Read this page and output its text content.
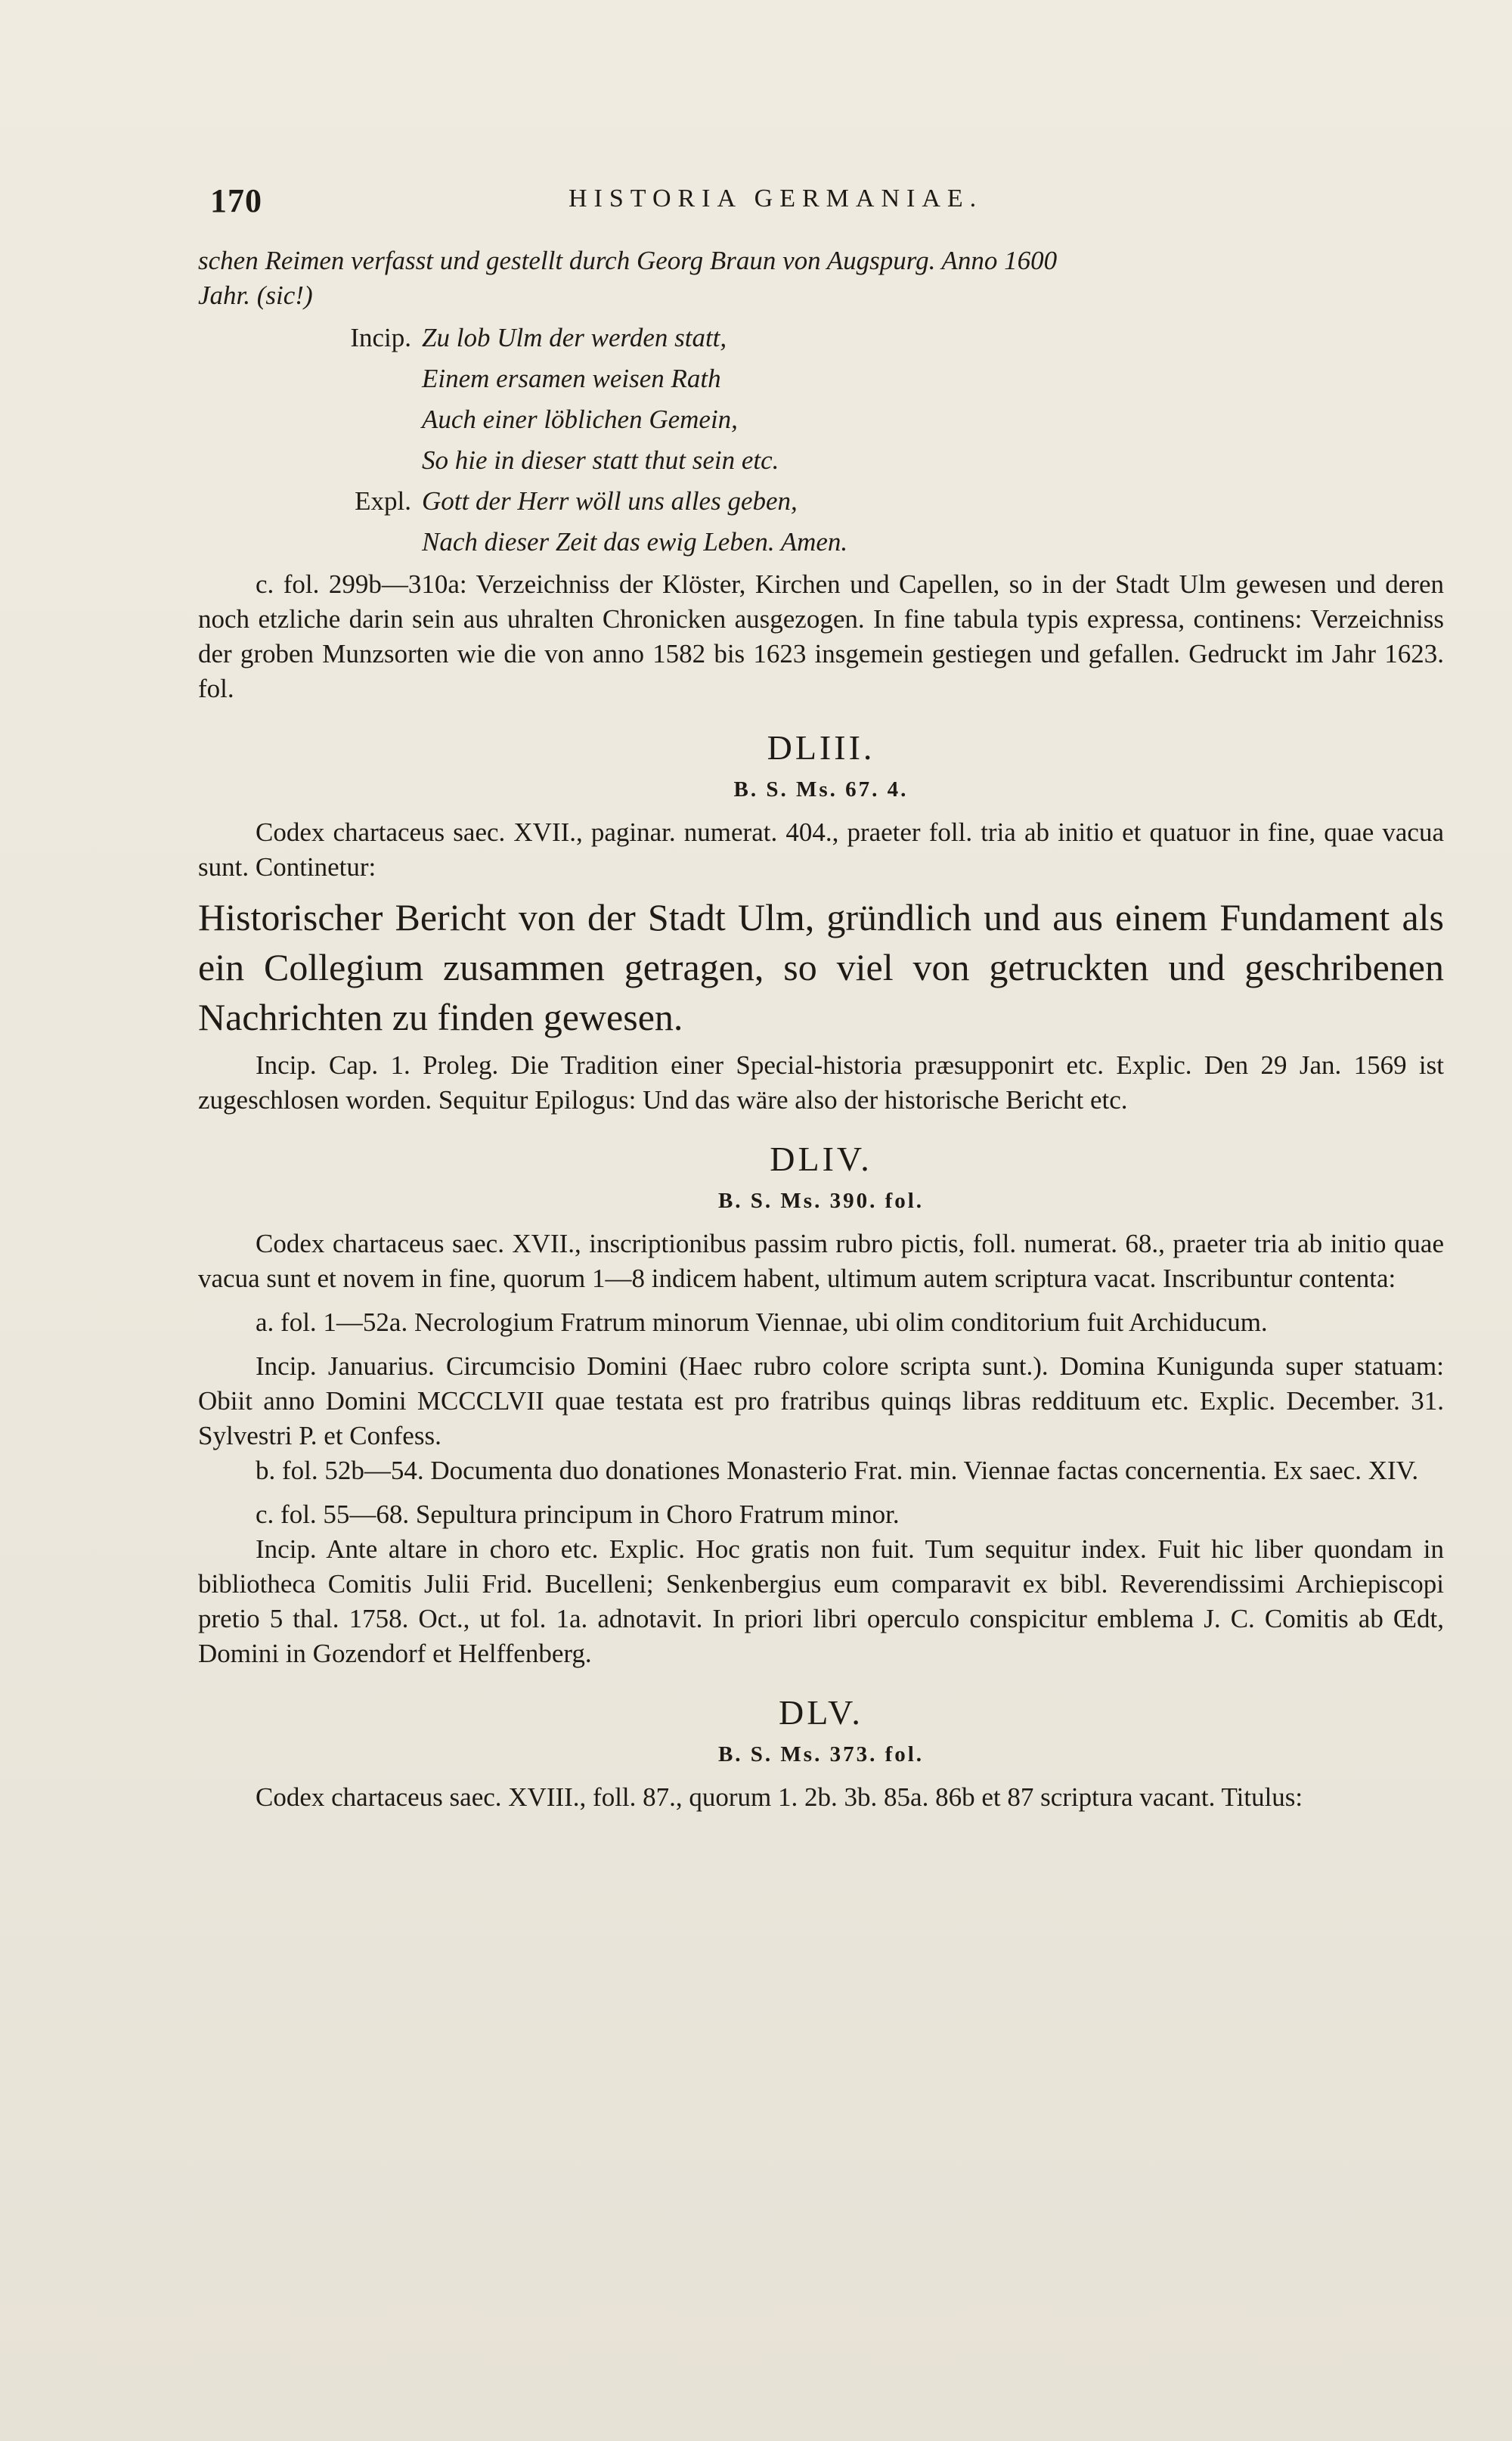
170	HISTORIA GERMANIAE.

schen Reimen verfasst und gestellt durch Georg Braun von Augspurg. Anno 1600

Jahr. (sic!)

Incip. Zu lob Ulm der werden statt,
Einem ersamen weisen Rath
Auch einer löblichen Gemein,
So hie in dieser statt thut sein etc.
Expl. Gott der Herr wöll uns alles geben,
Nach dieser Zeit das ewig Leben. Amen.

c. fol. 299b—310a: Verzeichniss der Klöster, Kirchen und Capellen, so in der Stadt Ulm gewesen und deren noch etzliche darin sein aus uhralten Chronicken ausgezogen. In fine tabula typis expressa, continens: Verzeichniss der groben Munzsorten wie die von anno 1582 bis 1623 insgemein gestiegen und gefallen. Gedruckt im Jahr 1623. fol.

DLIII.
B. S. Ms. 67. 4.

Codex chartaceus saec. XVII., paginar. numerat. 404., praeter foll. tria ab initio et quatuor in fine, quae vacua sunt. Continetur:

Historischer Bericht von der Stadt Ulm, gründlich und aus einem Fundament als ein Collegium zusammen getragen, so viel von getruckten und geschribenen Nachrichten zu finden gewesen.

Incip. Cap. 1. Proleg. Die Tradition einer Special-historia præsupponirt etc. Explic. Den 29 Jan. 1569 ist zugeschlosen worden. Sequitur Epilogus: Und das wäre also der historische Bericht etc.

DLIV.
B. S. Ms. 390. fol.

Codex chartaceus saec. XVII., inscriptionibus passim rubro pictis, foll. numerat. 68., praeter tria ab initio quae vacua sunt et novem in fine, quorum 1—8 indicem habent, ultimum autem scriptura vacat. Inscribuntur contenta:

a. fol. 1—52a. Necrologium Fratrum minorum Viennae, ubi olim conditorium fuit Archiducum.

Incip. Januarius. Circumcisio Domini (Haec rubro colore scripta sunt.). Domina Kunigunda super statuam: Obiit anno Domini MCCCLVII quae testata est pro fratribus quinqs libras reddituum etc. Explic. December. 31. Sylvestri P. et Confess.

b. fol. 52b—54. Documenta duo donationes Monasterio Frat. min. Viennae factas concernentia. Ex saec. XIV.

c. fol. 55—68. Sepultura principum in Choro Fratrum minor.

Incip. Ante altare in choro etc. Explic. Hoc gratis non fuit. Tum sequitur index. Fuit hic liber quondam in bibliotheca Comitis Julii Frid. Bucelleni; Senkenbergius eum comparavit ex bibl. Reverendissimi Archiepiscopi pretio 5 thal. 1758. Oct., ut fol. 1a. adnotavit. In priori libri operculo conspicitur emblema J. C. Comitis ab Œdt, Domini in Gozendorf et Helffenberg.

DLV.
B. S. Ms. 373. fol.

Codex chartaceus saec. XVIII., foll. 87., quorum 1. 2b. 3b. 85a. 86b et 87 scriptura vacant. Titulus:
